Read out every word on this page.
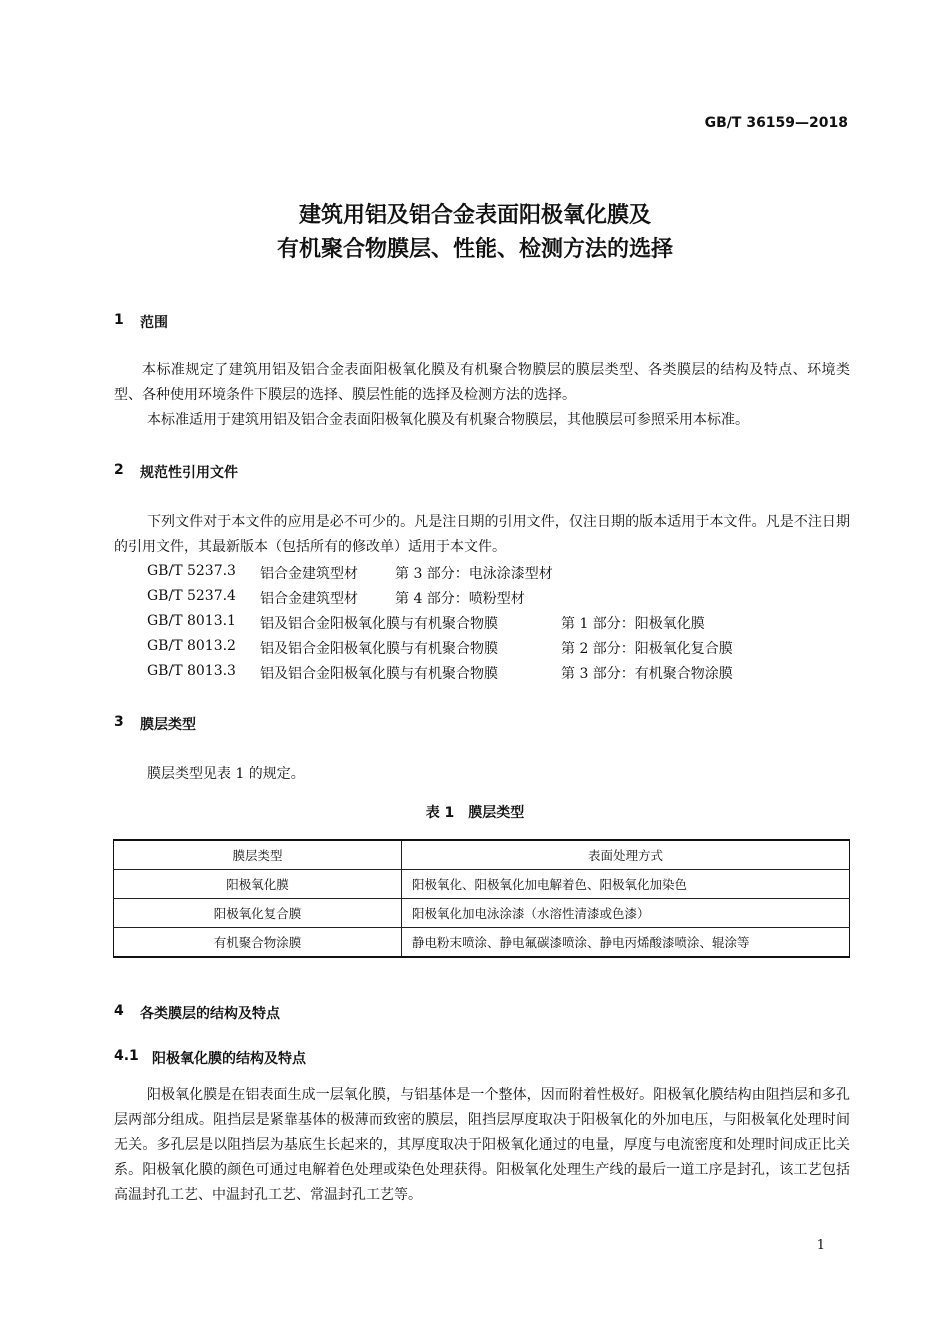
GB/T 36159—2018
建筑用铝及铝合金表面阳极氧化膜及
有机聚合物膜层、性能、检测方法的选择
1 范围
本标准规定了建筑用铝及铝合金表面阳极氧化膜及有机聚合物膜层的膜层类型、各类膜层的结构及特点、环境类型、各种使用环境条件下膜层的选择、膜层性能的选择及检测方法的选择。
本标准适用于建筑用铝及铝合金表面阳极氧化膜及有机聚合物膜层，其他膜层可参照采用本标准。
2 规范性引用文件
下列文件对于本文件的应用是必不可少的。凡是注日期的引用文件，仅注日期的版本适用于本文件。凡是不注日期的引用文件，其最新版本（包括所有的修改单）适用于本文件。
GB/T 5237.3 铝合金建筑型材	第 3 部分：电泳涂漆型材
GB/T 5237.4 铝合金建筑型材	第 4 部分：喷粉型材
GB/T 8013.1 铝及铝合金阳极氧化膜与有机聚合物膜	第 1 部分：阳极氧化膜
GB/T 8013.2 铝及铝合金阳极氧化膜与有机聚合物膜	第 2 部分：阳极氧化复合膜
GB/T 8013.3 铝及铝合金阳极氧化膜与有机聚合物膜	第 3 部分：有机聚合物涂膜
3 膜层类型
膜层类型见表 1 的规定。
表 1　膜层类型
膜层类型	表面处理方式
阳极氧化膜	阳极氧化、阳极氧化加电解着色、阳极氧化加染色
阳极氧化复合膜	阳极氧化加电泳涂漆（水溶性清漆或色漆）
有机聚合物涂膜	静电粉末喷涂、静电氟碳漆喷涂、静电丙烯酸漆喷涂、辊涂等
4 各类膜层的结构及特点
4.1 阳极氧化膜的结构及特点
阳极氧化膜是在铝表面生成一层氧化膜，与铝基体是一个整体，因而附着性极好。阳极氧化膜结构由阻挡层和多孔层两部分组成。阻挡层是紧靠基体的极薄而致密的膜层，阻挡层厚度取决于阳极氧化的外加电压，与阳极氧化处理时间无关。多孔层是以阻挡层为基底生长起来的，其厚度取决于阳极氧化通过的电量，厚度与电流密度和处理时间成正比关系。阳极氧化膜的颜色可通过电解着色处理或染色处理获得。阳极氧化处理生产线的最后一道工序是封孔，该工艺包括高温封孔工艺、中温封孔工艺、常温封孔工艺等。
1
